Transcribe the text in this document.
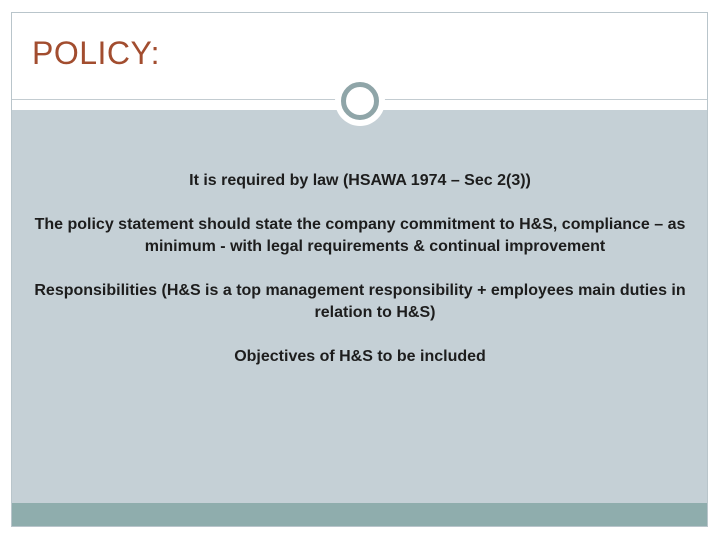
POLICY:

It is required by law (HSAWA 1974 – Sec 2(3))

The policy statement should state the company commitment to H&S, compliance – as minimum - with legal requirements & continual improvement

Responsibilities (H&S is a top management responsibility + employees main duties in relation to H&S)

Objectives of H&S to be included
